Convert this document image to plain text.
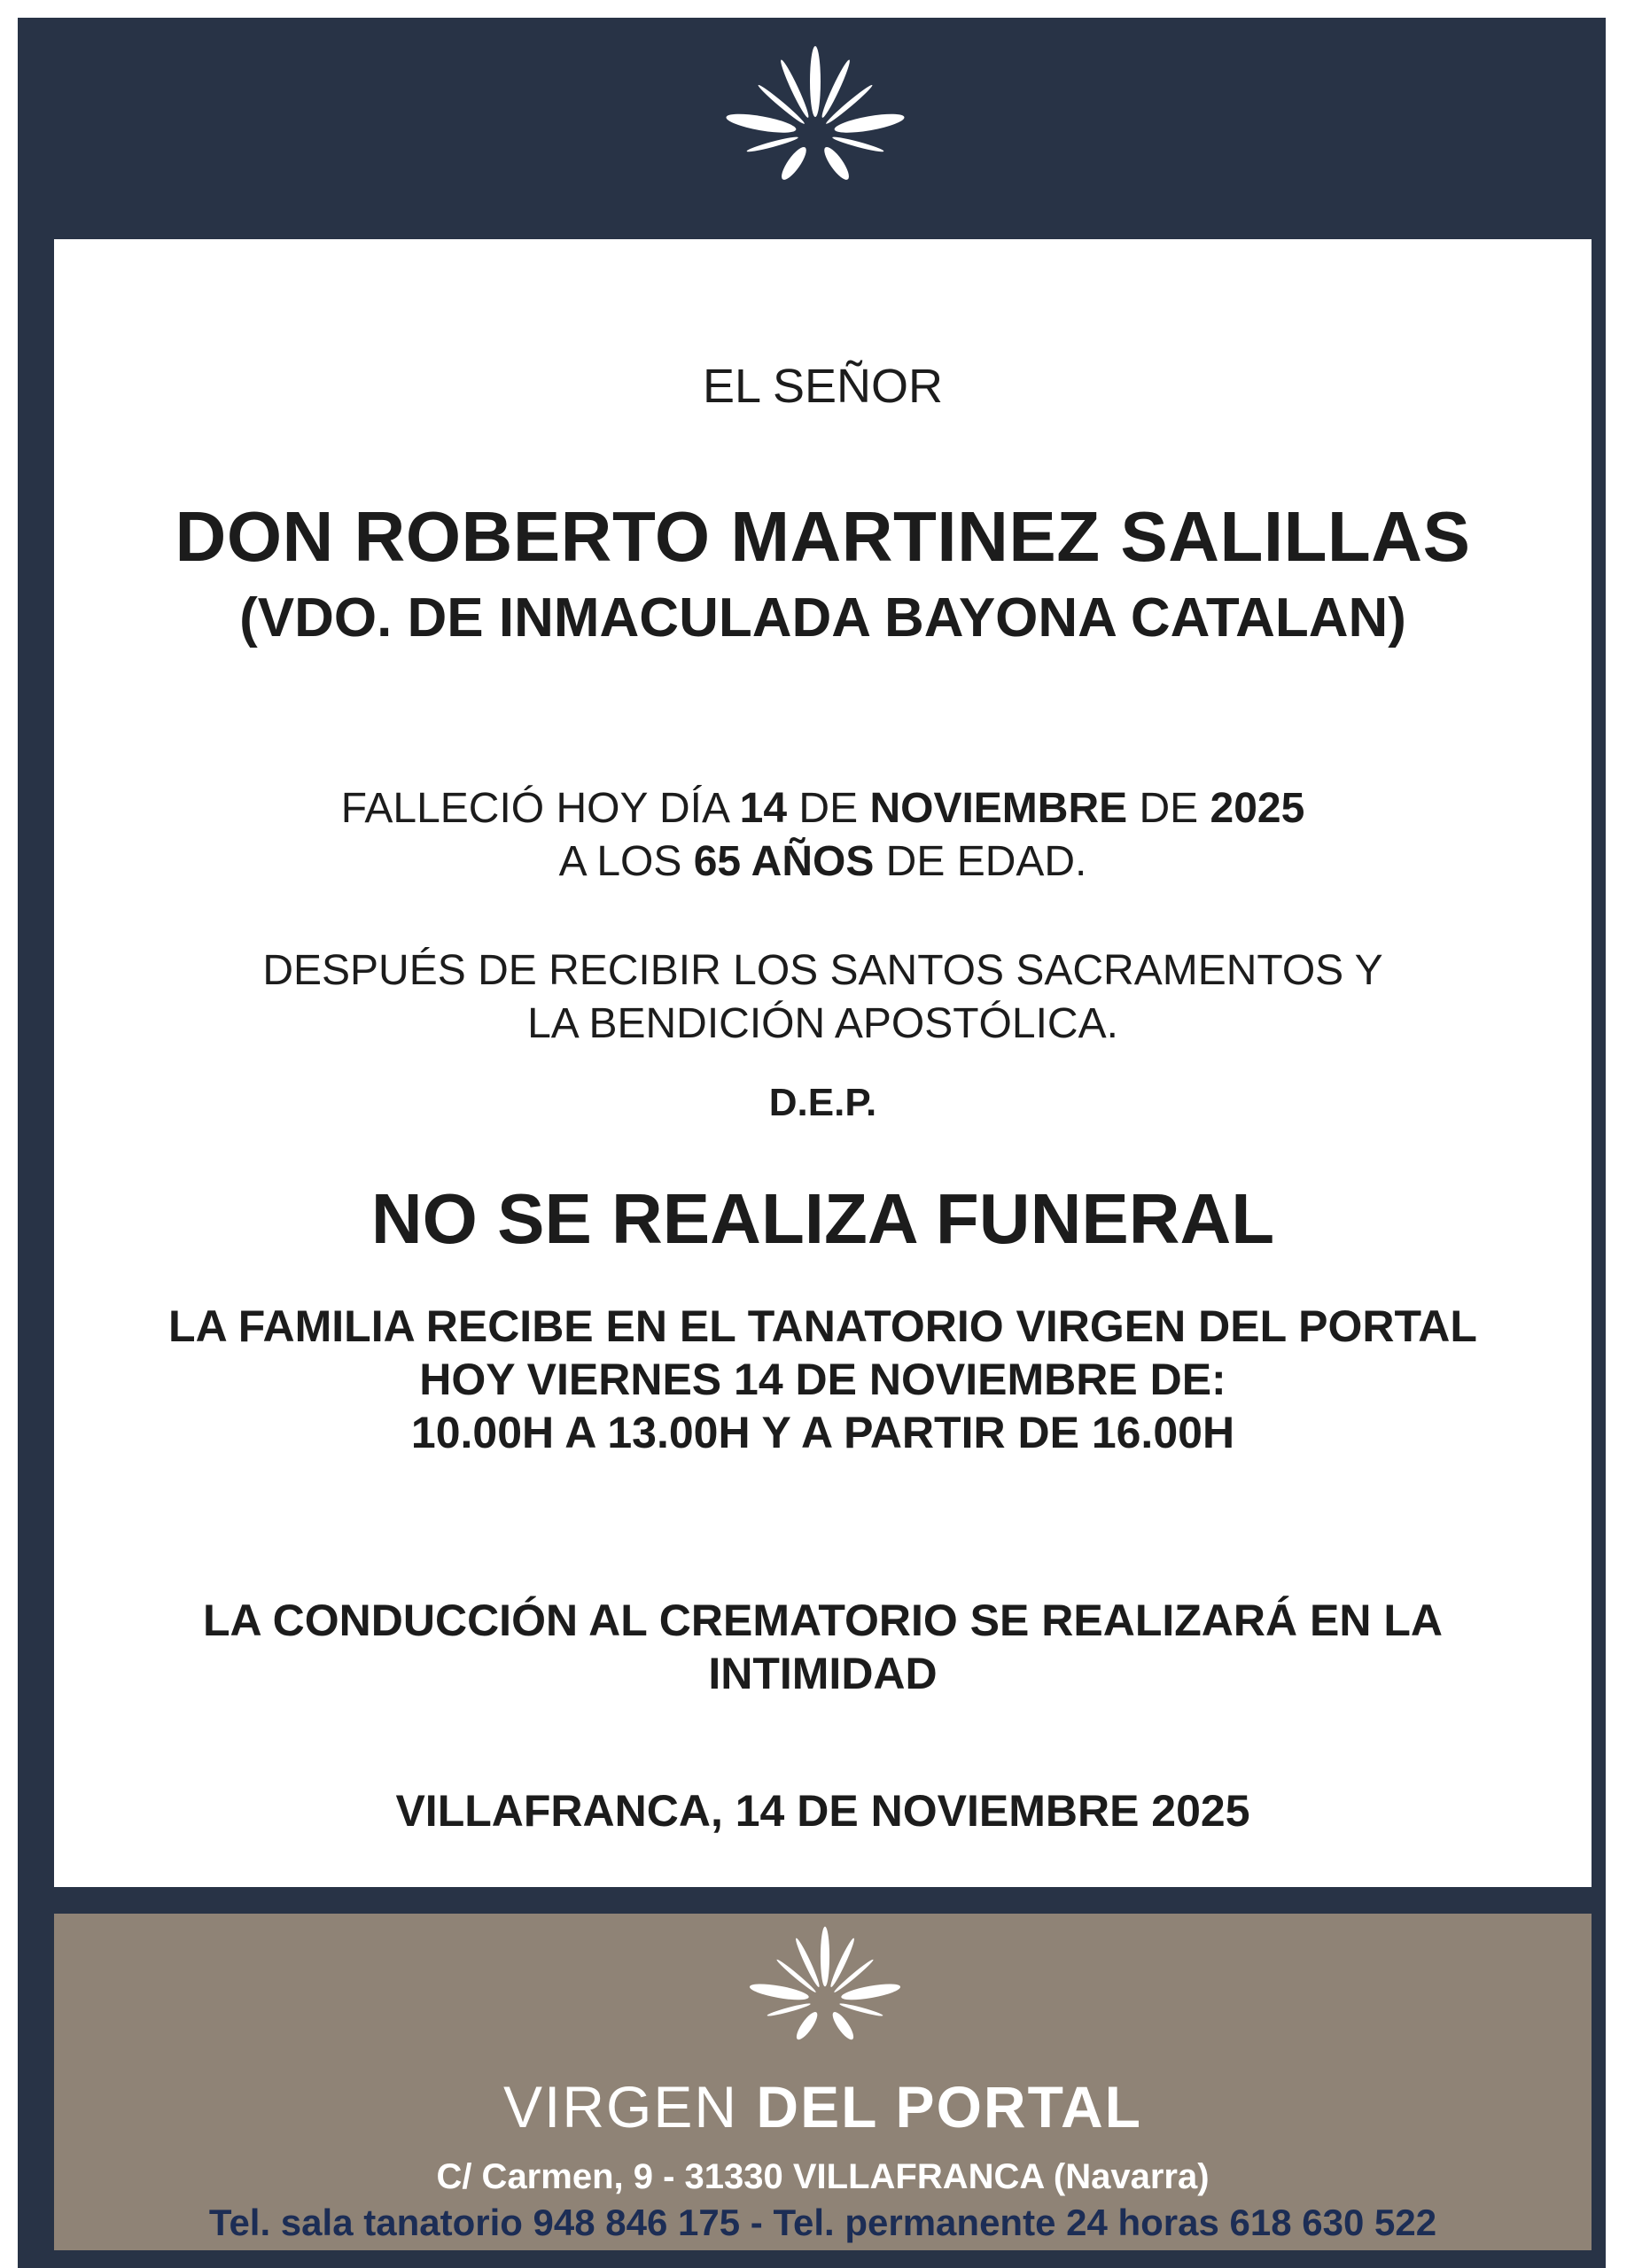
EL SEÑOR

DON ROBERTO MARTINEZ SALILLAS

(VDO. DE INMACULADA BAYONA CATALAN)

FALLECIÓ HOY DÍA 14 DE NOVIEMBRE DE 2025

A LOS 65 AÑOS DE EDAD.

DESPUÉS DE RECIBIR LOS SANTOS SACRAMENTOS Y

LA BENDICIÓN APOSTÓLICA.

D.E.P.

NO SE REALIZA FUNERAL

LA FAMILIA RECIBE EN EL TANATORIO VIRGEN DEL PORTAL

HOY VIERNES 14 DE NOVIEMBRE DE:

10.00H A 13.00H Y A PARTIR DE 16.00H

LA CONDUCCIÓN AL CREMATORIO SE REALIZARÁ EN LA

INTIMIDAD

VILLAFRANCA, 14 DE NOVIEMBRE 2025

VIRGEN DEL PORTAL
C/ Carmen, 9 - 31330 VILLAFRANCA (Navarra)
Tel. sala tanatorio 948 846 175 - Tel. permanente 24 horas 618 630 522
